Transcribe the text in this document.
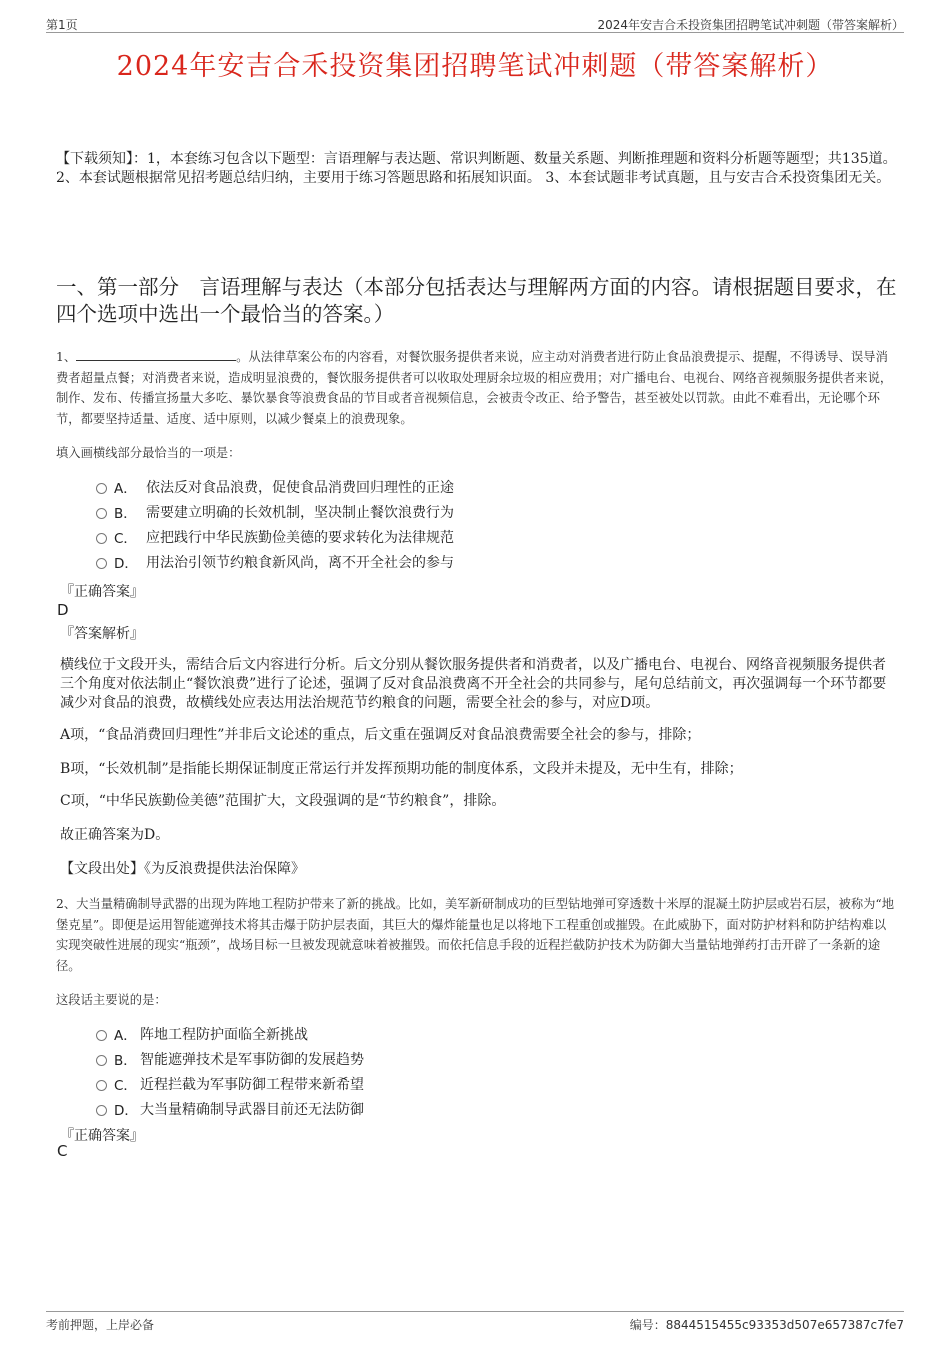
第1页	2024年安吉合禾投资集团招聘笔试冲刺题（带答案解析）
2024年安吉合禾投资集团招聘笔试冲刺题（带答案解析）
【下载须知】：1，本套练习包含以下题型：言语理解与表达题、常识判断题、数量关系题、判断推理题和资料分析题等题型；共135道。 2、本套试题根据常见招考题总结归纳，主要用于练习答题思路和拓展知识面。 3、本套试题非考试真题，且与安吉合禾投资集团无关。
一、第一部分　言语理解与表达（本部分包括表达与理解两方面的内容。请根据题目要求，在四个选项中选出一个最恰当的答案。）
1、	。从法律草案公布的内容看，对餐饮服务提供者来说，应主动对消费者进行防止食品浪费提示、提醒，不得诱导、误导消费者超量点餐；对消费者来说，造成明显浪费的，餐饮服务提供者可以收取处理厨余垃圾的相应费用；对广播电台、电视台、网络音视频服务提供者来说，制作、发布、传播宣扬量大多吃、暴饮暴食等浪费食品的节目或者音视频信息，会被责令改正、给予警告，甚至被处以罚款。由此不难看出，无论哪个环节，都要坚持适量、适度、适中原则，以减少餐桌上的浪费现象。
填入画横线部分最恰当的一项是：
A． 依法反对食品浪费，促使食品消费回归理性的正途
B． 需要建立明确的长效机制，坚决制止餐饮浪费行为
C． 应把践行中华民族勤俭美德的要求转化为法律规范
D． 用法治引领节约粮食新风尚，离不开全社会的参与
『正确答案』
D
『答案解析』
横线位于文段开头，需结合后文内容进行分析。后文分别从餐饮服务提供者和消费者，以及广播电台、电视台、网络音视频服务提供者三个角度对依法制止“餐饮浪费”进行了论述，强调了反对食品浪费离不开全社会的共同参与，尾句总结前文，再次强调每一个环节都要减少对食品的浪费，故横线处应表达用法治规范节约粮食的问题，需要全社会的参与，对应D项。
A项，“食品消费回归理性”并非后文论述的重点，后文重在强调反对食品浪费需要全社会的参与，排除；
B项，“长效机制”是指能长期保证制度正常运行并发挥预期功能的制度体系，文段并未提及，无中生有，排除；
C项，“中华民族勤俭美德”范围扩大，文段强调的是“节约粮食”，排除。
故正确答案为D。
【文段出处】《为反浪费提供法治保障》
2、大当量精确制导武器的出现为阵地工程防护带来了新的挑战。比如，美军新研制成功的巨型钻地弹可穿透数十米厚的混凝土防护层或岩石层，被称为“地堡克星”。即便是运用智能遮弹技术将其击爆于防护层表面，其巨大的爆炸能量也足以将地下工程重创或摧毁。在此威胁下，面对防护材料和防护结构难以实现突破性进展的现实“瓶颈”，战场目标一旦被发现就意味着被摧毁。而依托信息手段的近程拦截防护技术为防御大当量钻地弹药打击开辟了一条新的途径。
这段话主要说的是：
A． 阵地工程防护面临全新挑战
B． 智能遮弹技术是军事防御的发展趋势
C． 近程拦截为军事防御工程带来新希望
D． 大当量精确制导武器目前还无法防御
『正确答案』
C
考前押题，上岸必备	编号：8844515455c93353d507e657387c7fe7
